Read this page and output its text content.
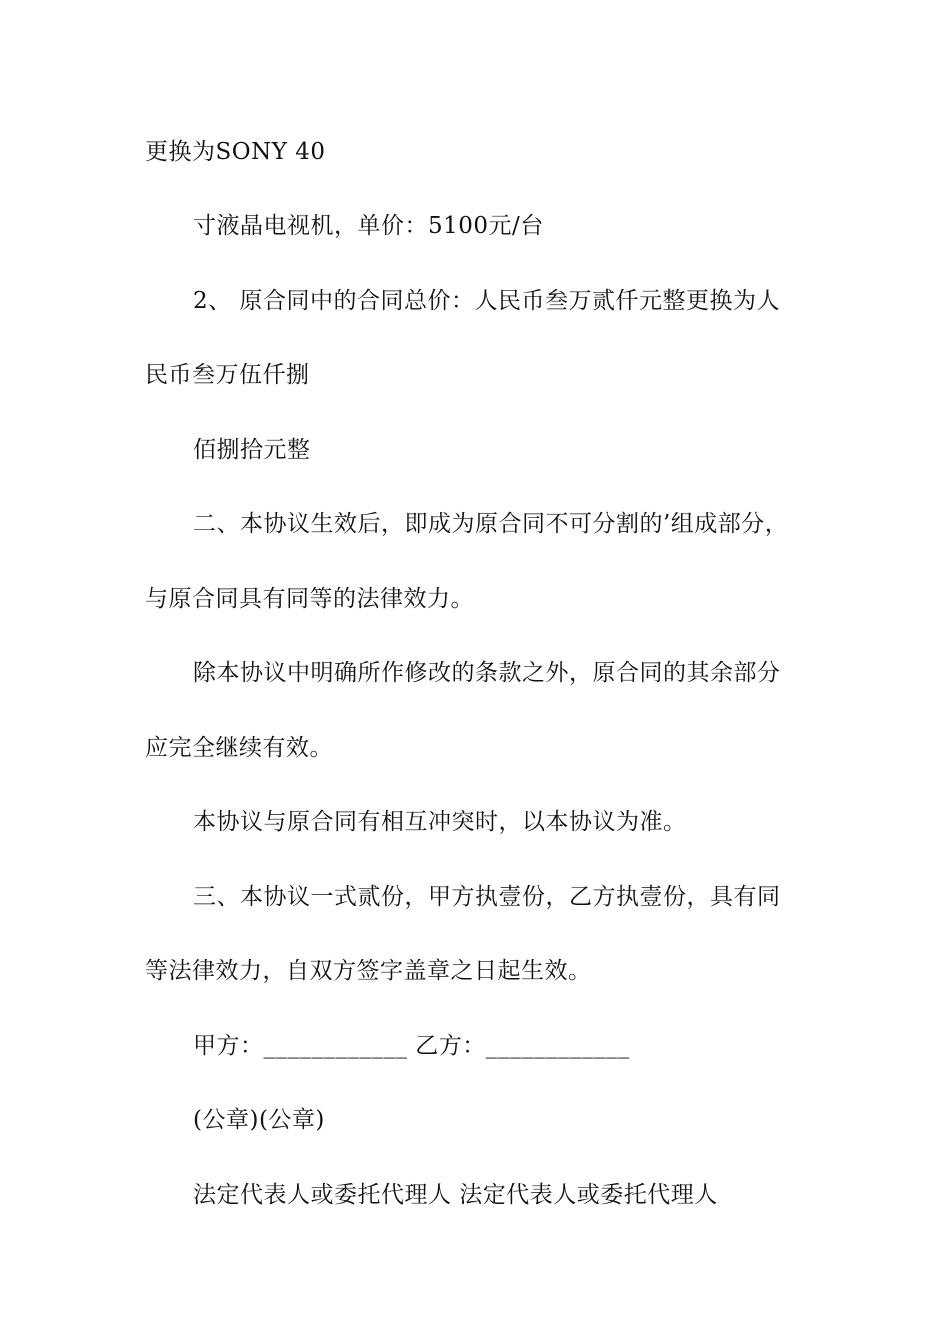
更换为SONY 40
寸液晶电视机，单价：5100元/台
2、 原合同中的合同总价：人民币叁万贰仟元整更换为人
民币叁万伍仟捌
佰捌拾元整
二、本协议生效后，即成为原合同不可分割的’组成部分，
与原合同具有同等的法律效力。
除本协议中明确所作修改的条款之外，原合同的其余部分
应完全继续有效。
本协议与原合同有相互冲突时，以本协议为准。
三、本协议一式贰份，甲方执壹份，乙方执壹份，具有同
等法律效力，自双方签字盖章之日起生效。
甲方：____________ 乙方：____________
(公章)(公章)
法定代表人或委托代理人 法定代表人或委托代理人
